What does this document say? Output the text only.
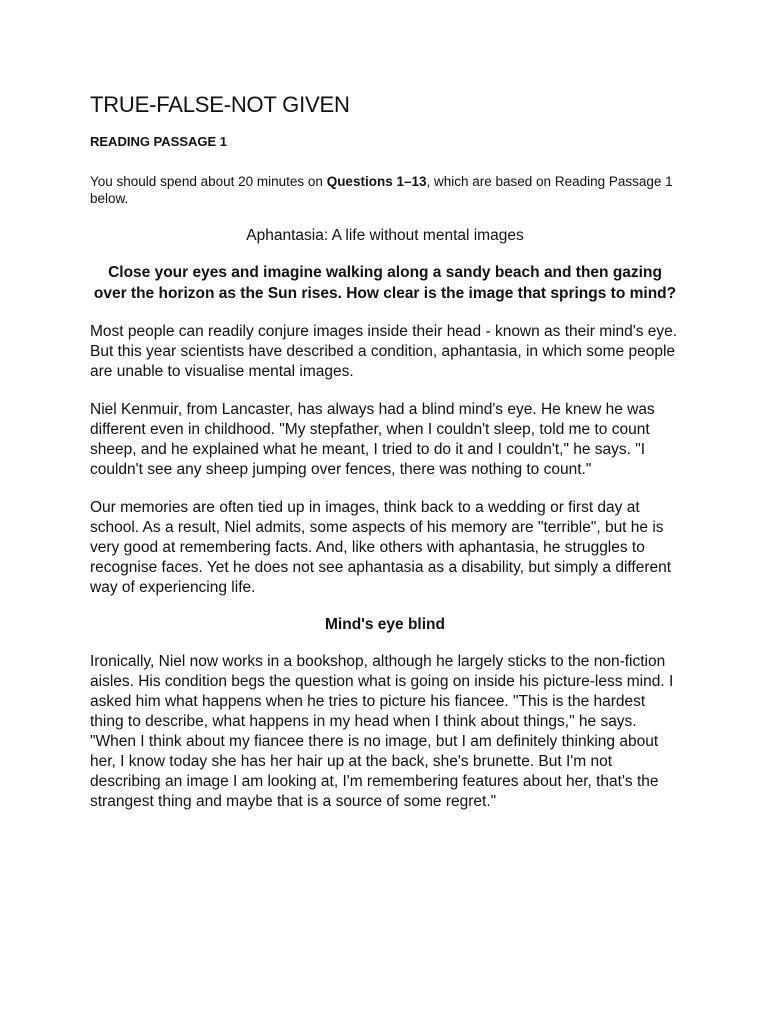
TRUE-FALSE-NOT GIVEN
READING PASSAGE 1
You should spend about 20 minutes on Questions 1–13, which are based on Reading Passage 1 below.
Aphantasia: A life without mental images
Close your eyes and imagine walking along a sandy beach and then gazing over the horizon as the Sun rises. How clear is the image that springs to mind?

Most people can readily conjure images inside their head - known as their mind's eye. But this year scientists have described a condition, aphantasia, in which some people are unable to visualise mental images.

Niel Kenmuir, from Lancaster, has always had a blind mind's eye. He knew he was different even in childhood. "My stepfather, when I couldn't sleep, told me to count sheep, and he explained what he meant, I tried to do it and I couldn't," he says. "I couldn't see any sheep jumping over fences, there was nothing to count."

Our memories are often tied up in images, think back to a wedding or first day at school. As a result, Niel admits, some aspects of his memory are "terrible", but he is very good at remembering facts. And, like others with aphantasia, he struggles to recognise faces. Yet he does not see aphantasia as a disability, but simply a different way of experiencing life.

Mind's eye blind

Ironically, Niel now works in a bookshop, although he largely sticks to the non-fiction aisles. His condition begs the question what is going on inside his picture-less mind. I asked him what happens when he tries to picture his fiancee. "This is the hardest thing to describe, what happens in my head when I think about things," he says. "When I think about my fiancee there is no image, but I am definitely thinking about her, I know today she has her hair up at the back, she's brunette. But I'm not describing an image I am looking at, I'm remembering features about her, that's the strangest thing and maybe that is a source of some regret."
